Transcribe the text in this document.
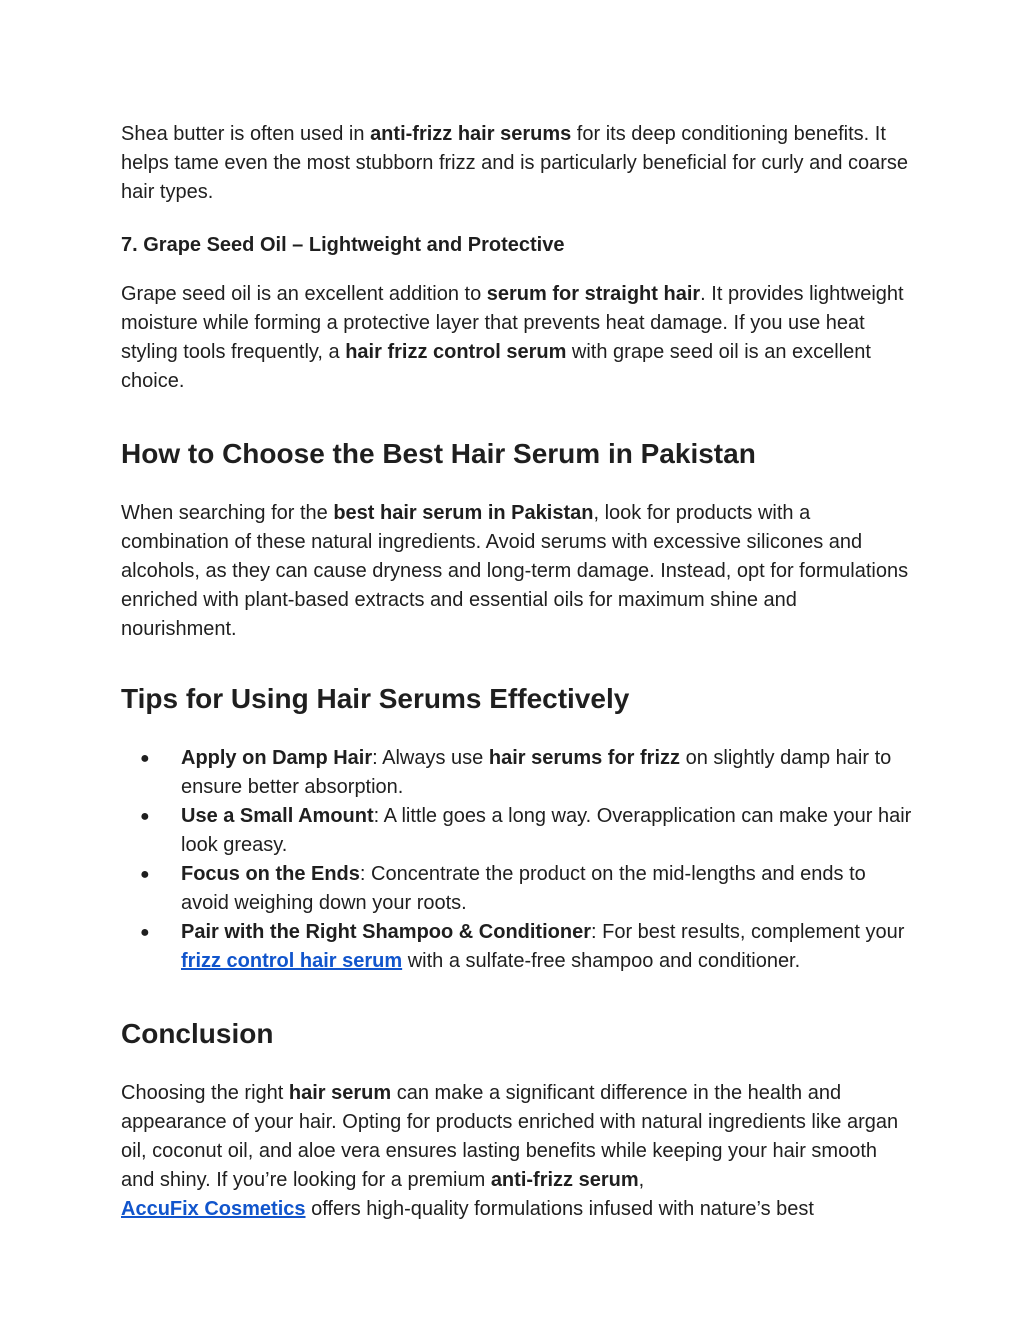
Shea butter is often used in anti-frizz hair serums for its deep conditioning benefits. It helps tame even the most stubborn frizz and is particularly beneficial for curly and coarse hair types.

7. Grape Seed Oil – Lightweight and Protective

Grape seed oil is an excellent addition to serum for straight hair. It provides lightweight moisture while forming a protective layer that prevents heat damage. If you use heat styling tools frequently, a hair frizz control serum with grape seed oil is an excellent choice.

How to Choose the Best Hair Serum in Pakistan

When searching for the best hair serum in Pakistan, look for products with a combination of these natural ingredients. Avoid serums with excessive silicones and alcohols, as they can cause dryness and long-term damage. Instead, opt for formulations enriched with plant-based extracts and essential oils for maximum shine and nourishment.

Tips for Using Hair Serums Effectively
● Apply on Damp Hair: Always use hair serums for frizz on slightly damp hair to ensure better absorption.
● Use a Small Amount: A little goes a long way. Overapplication can make your hair look greasy.
● Focus on the Ends: Concentrate the product on the mid-lengths and ends to avoid weighing down your roots.
● Pair with the Right Shampoo & Conditioner: For best results, complement your frizz control hair serum with a sulfate-free shampoo and conditioner.
Conclusion

Choosing the right hair serum can make a significant difference in the health and appearance of your hair. Opting for products enriched with natural ingredients like argan oil, coconut oil, and aloe vera ensures lasting benefits while keeping your hair smooth and shiny. If you’re looking for a premium anti-frizz serum,
AccuFix Cosmetics offers high-quality formulations infused with nature’s best
